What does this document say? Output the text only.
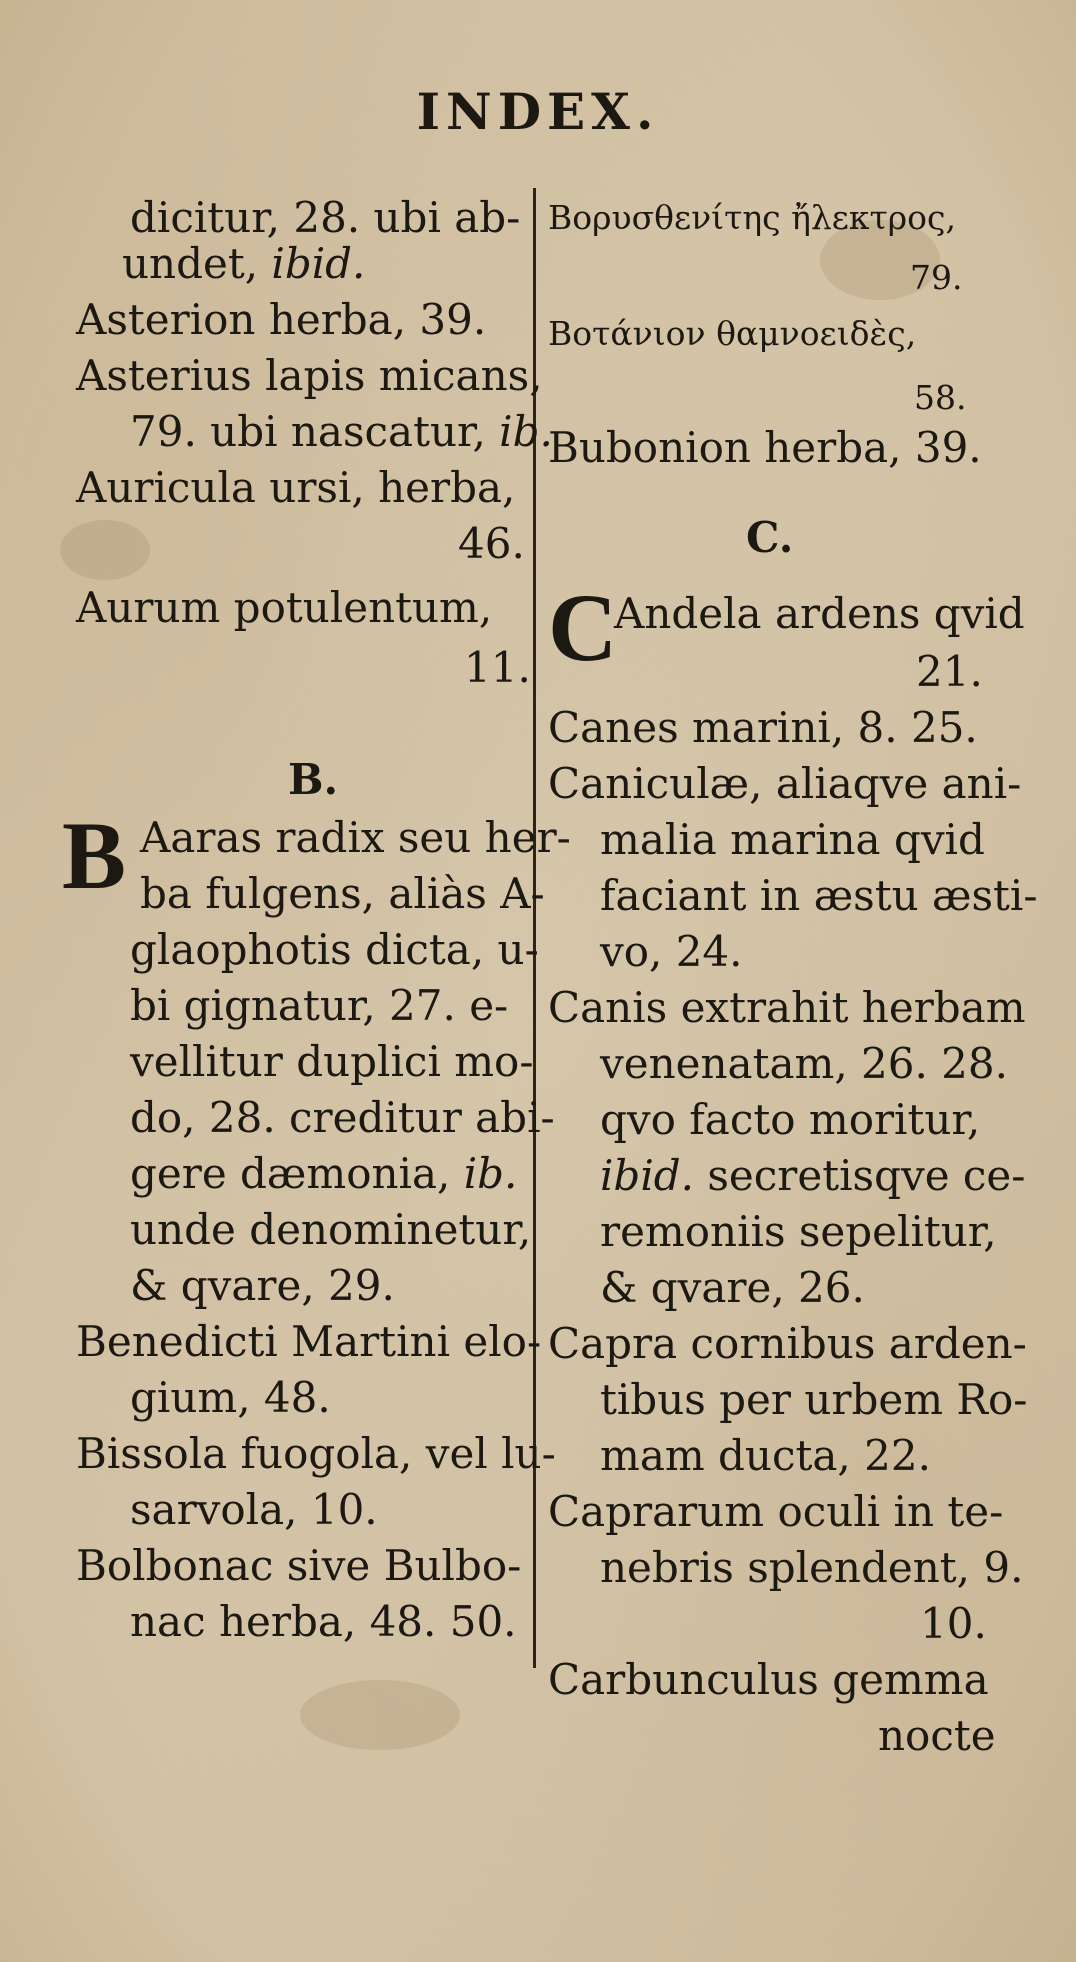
INDEX.
dicitur, 28. ubi ab-
undet, ibid.
Asterion herba, 39.
Asterius lapis micans,
79. ubi nascatur, ib.
Auricula ursi, herba,
46.
Aurum potulentum,
11.
B.
B Aaras radix seu her-
ba fulgens, aliàs A-
glaophotis dicta, u-
bi gignatur, 27. e-
vellitur duplici mo-
do, 28. creditur abi-
gere dæmonia, ib.
unde denominetur,
& qvare, 29.
Benedicti Martini elo-
gium, 48.
Bissola fuogola, vel lu-
sarvola, 10.
Bolbonac sive Bulbo-
nac herba, 48. 50.
Βορυσθενίτης ἤλεκτρος,
79.
Βοτάνιον θαμνοειδὲς,
58.
Bubonion herba, 39.
C.
C
Andela ardens qvid
21.
Canes marini, 8. 25.
Caniculæ, aliaqve ani-
malia marina qvid
faciant in æstu æsti-
vo, 24.
Canis extrahit herbam
venenatam, 26. 28.
qvo facto moritur,
ibid. secretisqve ce-
remoniis sepelitur,
& qvare, 26.
Capra cornibus arden-
tibus per urbem Ro-
mam ducta, 22.
Caprarum oculi in te-
nebris splendent, 9.
10.
Carbunculus gemma
nocte
